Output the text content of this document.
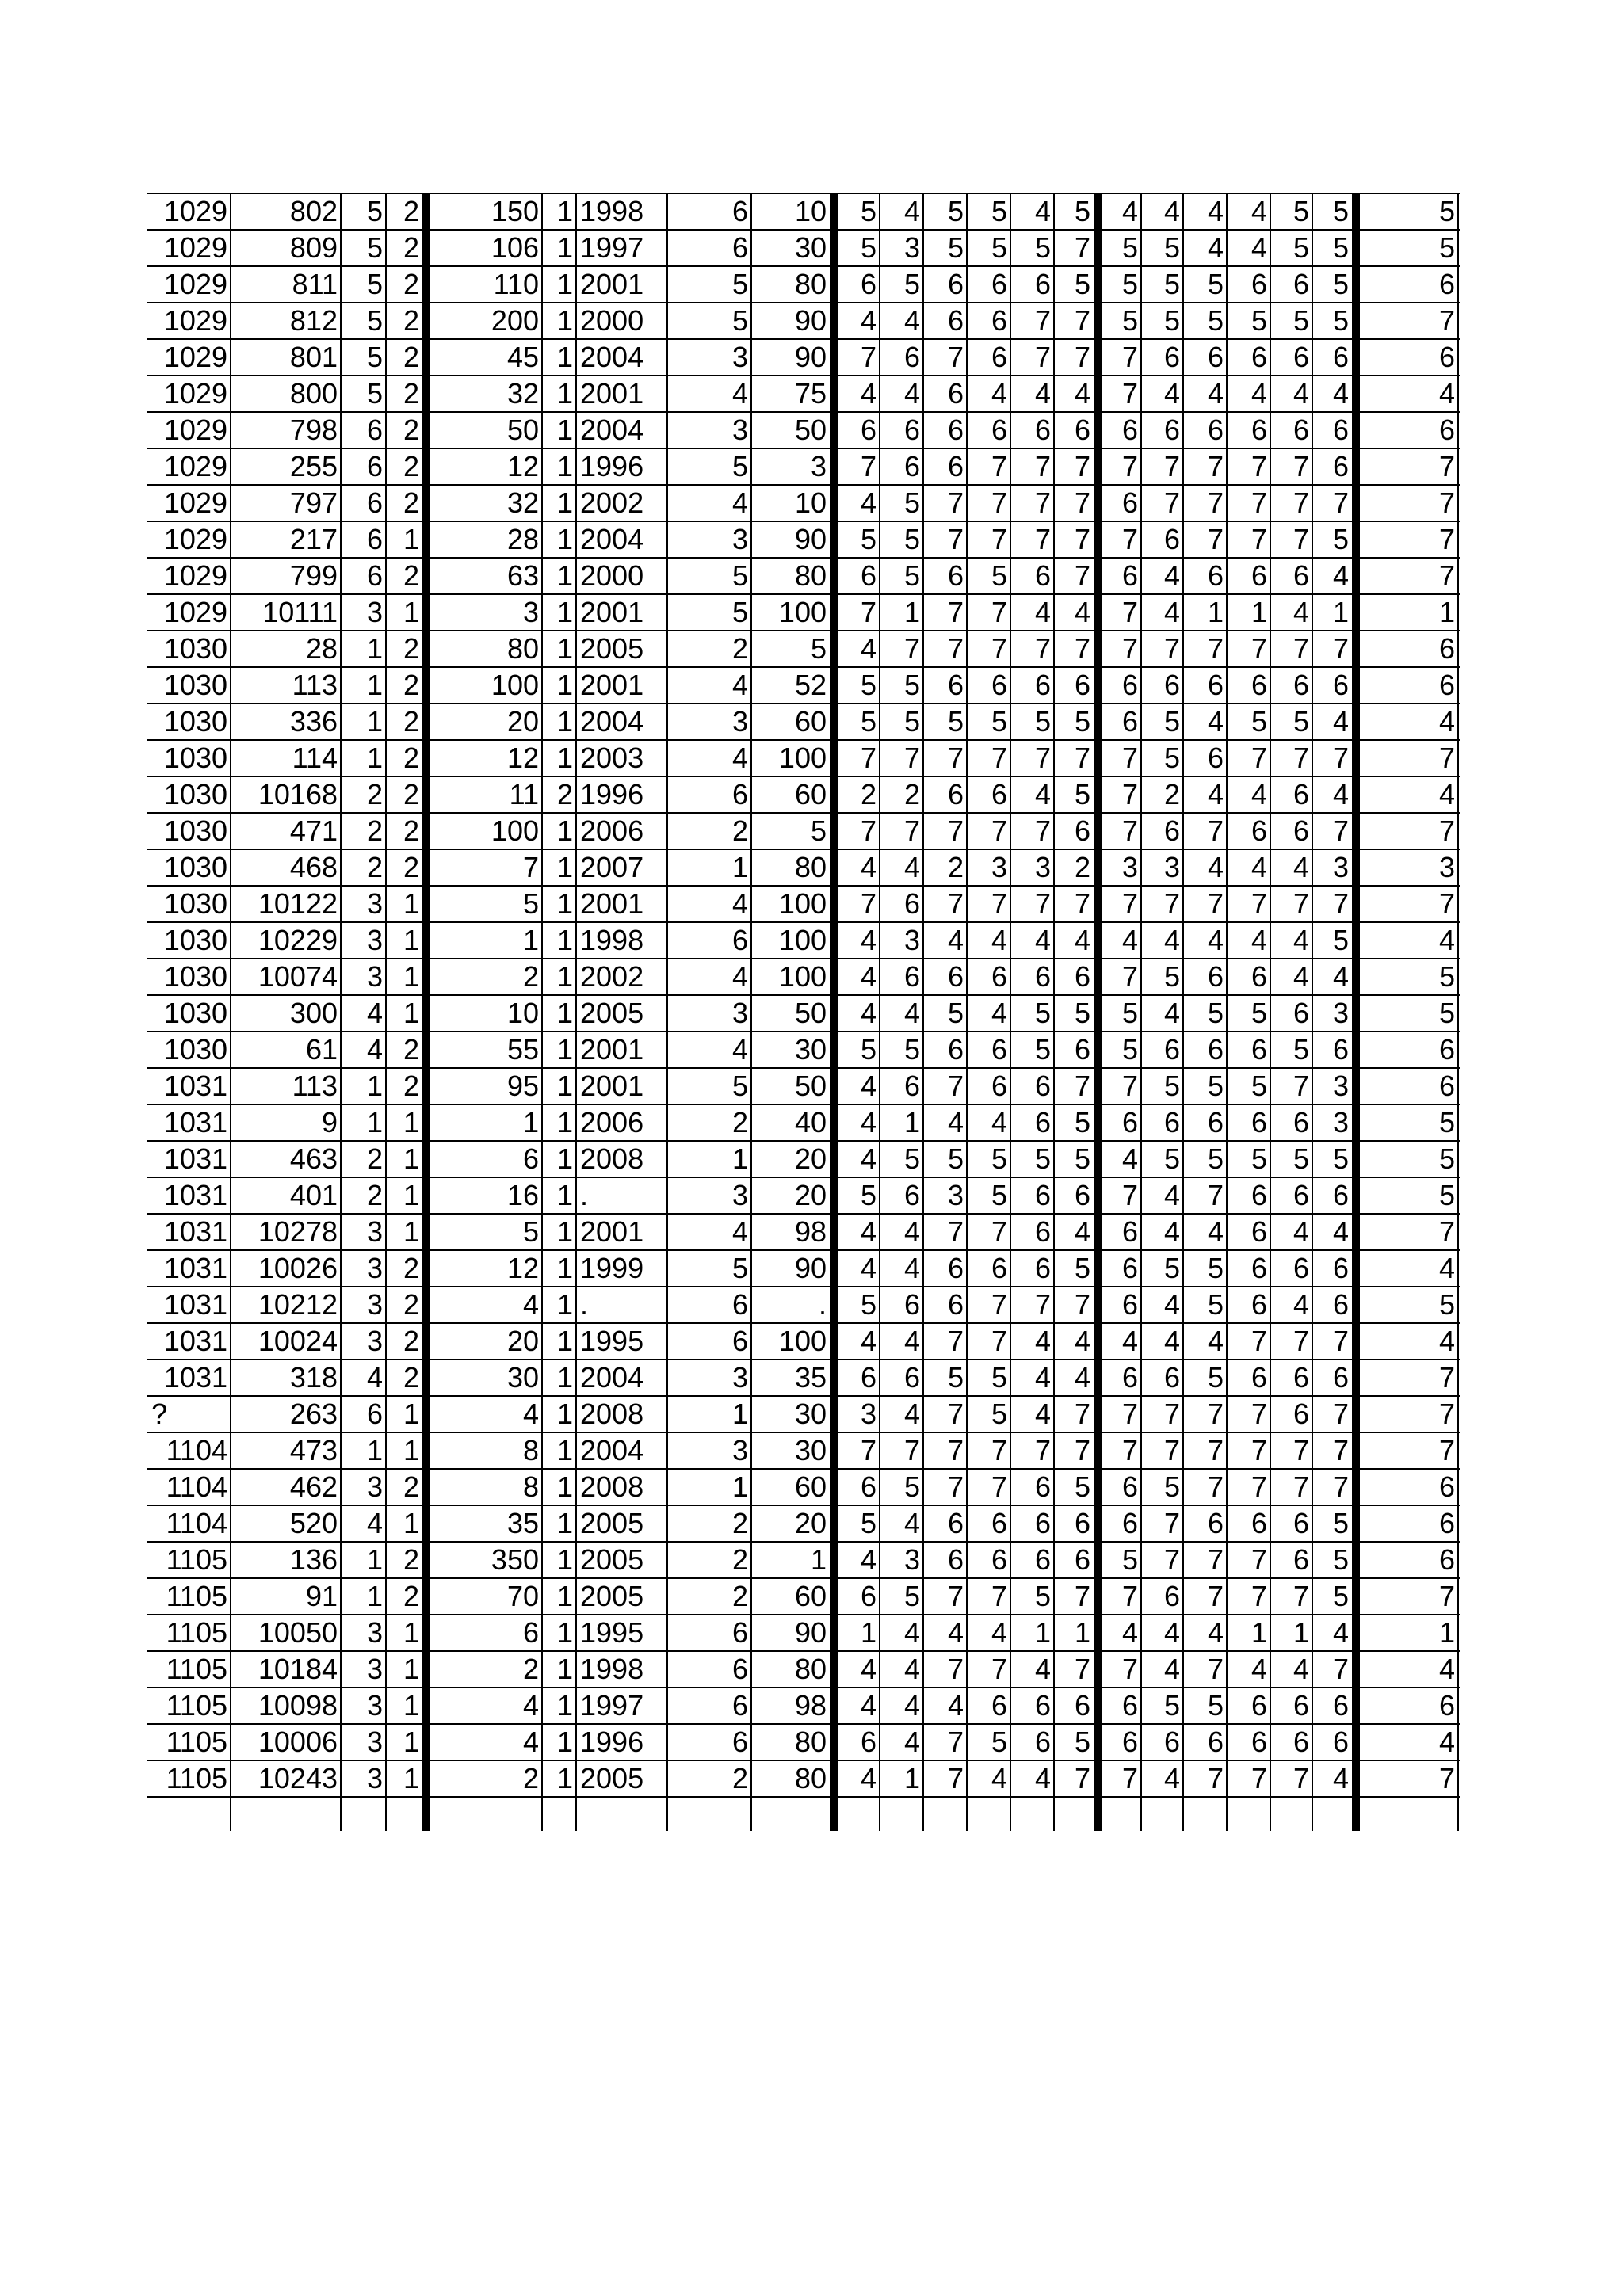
1029	802	5 2	150 1 1998	6	10	5 4 5 5 4 5	4 4 4 4 5 5	5
1029	809	5 2	106 1 1997	6	30	5 3 5 5 5 7	5 5 4 4 5 5	5
1029	811	5 2	110 1 2001	5	80	6 5 6 6 6 5	5 5 5 6 6 5	6
1029	812	5 2	200 1 2000	5	90	4 4 6 6 7 7	5 5 5 5 5 5	7
1029	801	5 2	45 1 2004	3	90	7 6 7 6 7 7	7 6 6 6 6 6	6
1029	800	5 2	32 1 2001	4	75	4 4 6 4 4 4	7 4 4 4 4 4	4
1029	798	6 2	50 1 2004	3	50	6 6 6 6 6 6	6 6 6 6 6 6	6
1029	255	6 2	12 1 1996	5	3	7 6 6 7 7 7	7 7 7 7 7 6	7
1029	797	6 2	32 1 2002	4	10	4 5 7 7 7 7	6 7 7 7 7 7	7
1029	217	6 1	28 1 2004	3	90	5 5 7 7 7 7	7 6 7 7 7 5	7
1029	799	6 2	63 1 2000	5	80	6 5 6 5 6 7	6 4 6 6 6 4	7
1029	10111	3 1	3 1 2001	5	100	7 1 7 7 4 4	7 4 1 1 4 1	1
1030	28	1 2	80 1 2005	2	5	4 7 7 7 7 7	7 7 7 7 7 7	6
1030	113	1 2	100 1 2001	4	52	5 5 6 6 6 6	6 6 6 6 6 6	6
1030	336	1 2	20 1 2004	3	60	5 5 5 5 5 5	6 5 4 5 5 4	4
1030	114	1 2	12 1 2003	4	100	7 7 7 7 7 7	7 5 6 7 7 7	7
1030	10168	2 2	11 2 1996	6	60	2 2 6 6 4 5	7 2 4 4 6 4	4
1030	471	2 2	100 1 2006	2	5	7 7 7 7 7 6	7 6 7 6 6 7	7
1030	468	2 2	7 1 2007	1	80	4 4 2 3 3 2	3 3 4 4 4 3	3
1030	10122	3 1	5 1 2001	4	100	7 6 7 7 7 7	7 7 7 7 7 7	7
1030	10229	3 1	1 1 1998	6	100	4 3 4 4 4 4	4 4 4 4 4 5	4
1030	10074	3 1	2 1 2002	4	100	4 6 6 6 6 6	7 5 6 6 4 4	5
1030	300	4 1	10 1 2005	3	50	4 4 5 4 5 5	5 4 5 5 6 3	5
1030	61	4 2	55 1 2001	4	30	5 5 6 6 5 6	5 6 6 6 5 6	6
1031	113	1 2	95 1 2001	5	50	4 6 7 6 6 7	7 5 5 5 7 3	6
1031	9	1 1	1 1 2006	2	40	4 1 4 4 6 5	6 6 6 6 6 3	5
1031	463	2 1	6 1 2008	1	20	4 5 5 5 5 5	4 5 5 5 5 5	5
1031	401	2 1	16 1 .	3	20	5 6 3 5 6 6	7 4 7 6 6 6	5
1031	10278	3 1	5 1 2001	4	98	4 4 7 7 6 4	6 4 4 6 4 4	7
1031	10026	3 2	12 1 1999	5	90	4 4 6 6 6 5	6 5 5 6 6 6	4
1031	10212	3 2	4 1 .	6	.	5 6 6 7 7 7	6 4 5 6 4 6	5
1031	10024	3 2	20 1 1995	6	100	4 4 7 7 4 4	4 4 4 7 7 7	4
1031	318	4 2	30 1 2004	3	35	6 6 5 5 4 4	6 6 5 6 6 6	7
?	263	6 1	4 1 2008	1	30	3 4 7 5 4 7	7 7 7 7 6 7	7
1104	473	1 1	8 1 2004	3	30	7 7 7 7 7 7	7 7 7 7 7 7	7
1104	462	3 2	8 1 2008	1	60	6 5 7 7 6 5	6 5 7 7 7 7	6
1104	520	4 1	35 1 2005	2	20	5 4 6 6 6 6	6 7 6 6 6 5	6
1105	136	1 2	350 1 2005	2	1	4 3 6 6 6 6	5 7 7 7 6 5	6
1105	91	1 2	70 1 2005	2	60	6 5 7 7 5 7	7 6 7 7 7 5	7
1105	10050	3 1	6 1 1995	6	90	1 4 4 4 1 1	4 4 4 1 1 4	1
1105	10184	3 1	2 1 1998	6	80	4 4 7 7 4 7	7 4 7 4 4 7	4
1105	10098	3 1	4 1 1997	6	98	4 4 4 6 6 6	6 5 5 6 6 6	6
1105	10006	3 1	4 1 1996	6	80	6 4 7 5 6 5	6 6 6 6 6 6	4
1105	10243	3 1	2 1 2005	2	80	4 1 7 4 4 7	7 4 7 7 7 4	7
